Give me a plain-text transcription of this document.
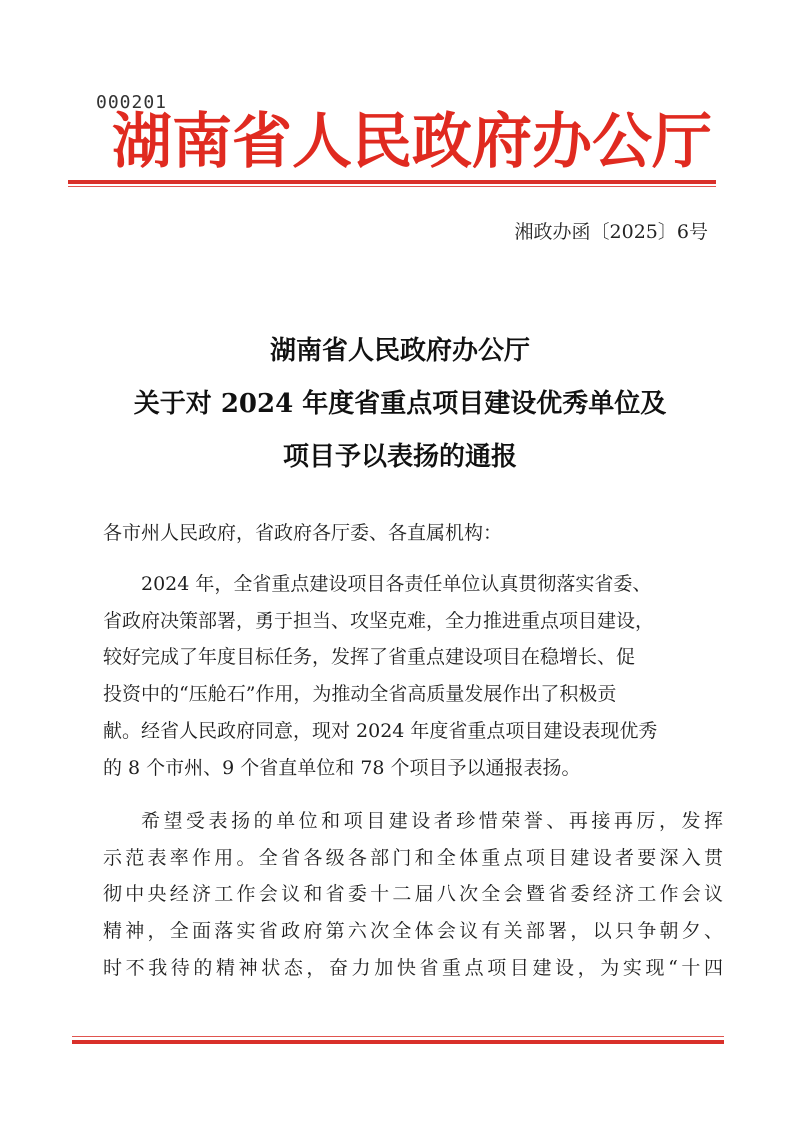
000201
湖南省人民政府办公厅
湘政办函〔2025〕6号
湖南省人民政府办公厅
关于对 2024 年度省重点项目建设优秀单位及
项目予以表扬的通报
各市州人民政府，省政府各厅委、各直属机构：
2024 年，全省重点建设项目各责任单位认真贯彻落实省委、
省政府决策部署，勇于担当、攻坚克难，全力推进重点项目建设，
较好完成了年度目标任务，发挥了省重点建设项目在稳增长、促
投资中的“压舱石”作用，为推动全省高质量发展作出了积极贡
献。经省人民政府同意，现对 2024 年度省重点项目建设表现优秀
的 8 个市州、9 个省直单位和 78 个项目予以通报表扬。
希望受表扬的单位和项目建设者珍惜荣誉、再接再厉，发挥
示范表率作用。全省各级各部门和全体重点项目建设者要深入贯
彻中央经济工作会议和省委十二届八次全会暨省委经济工作会议
精神，全面落实省政府第六次全体会议有关部署，以只争朝夕、
时不我待的精神状态，奋力加快省重点项目建设，为实现“十四
